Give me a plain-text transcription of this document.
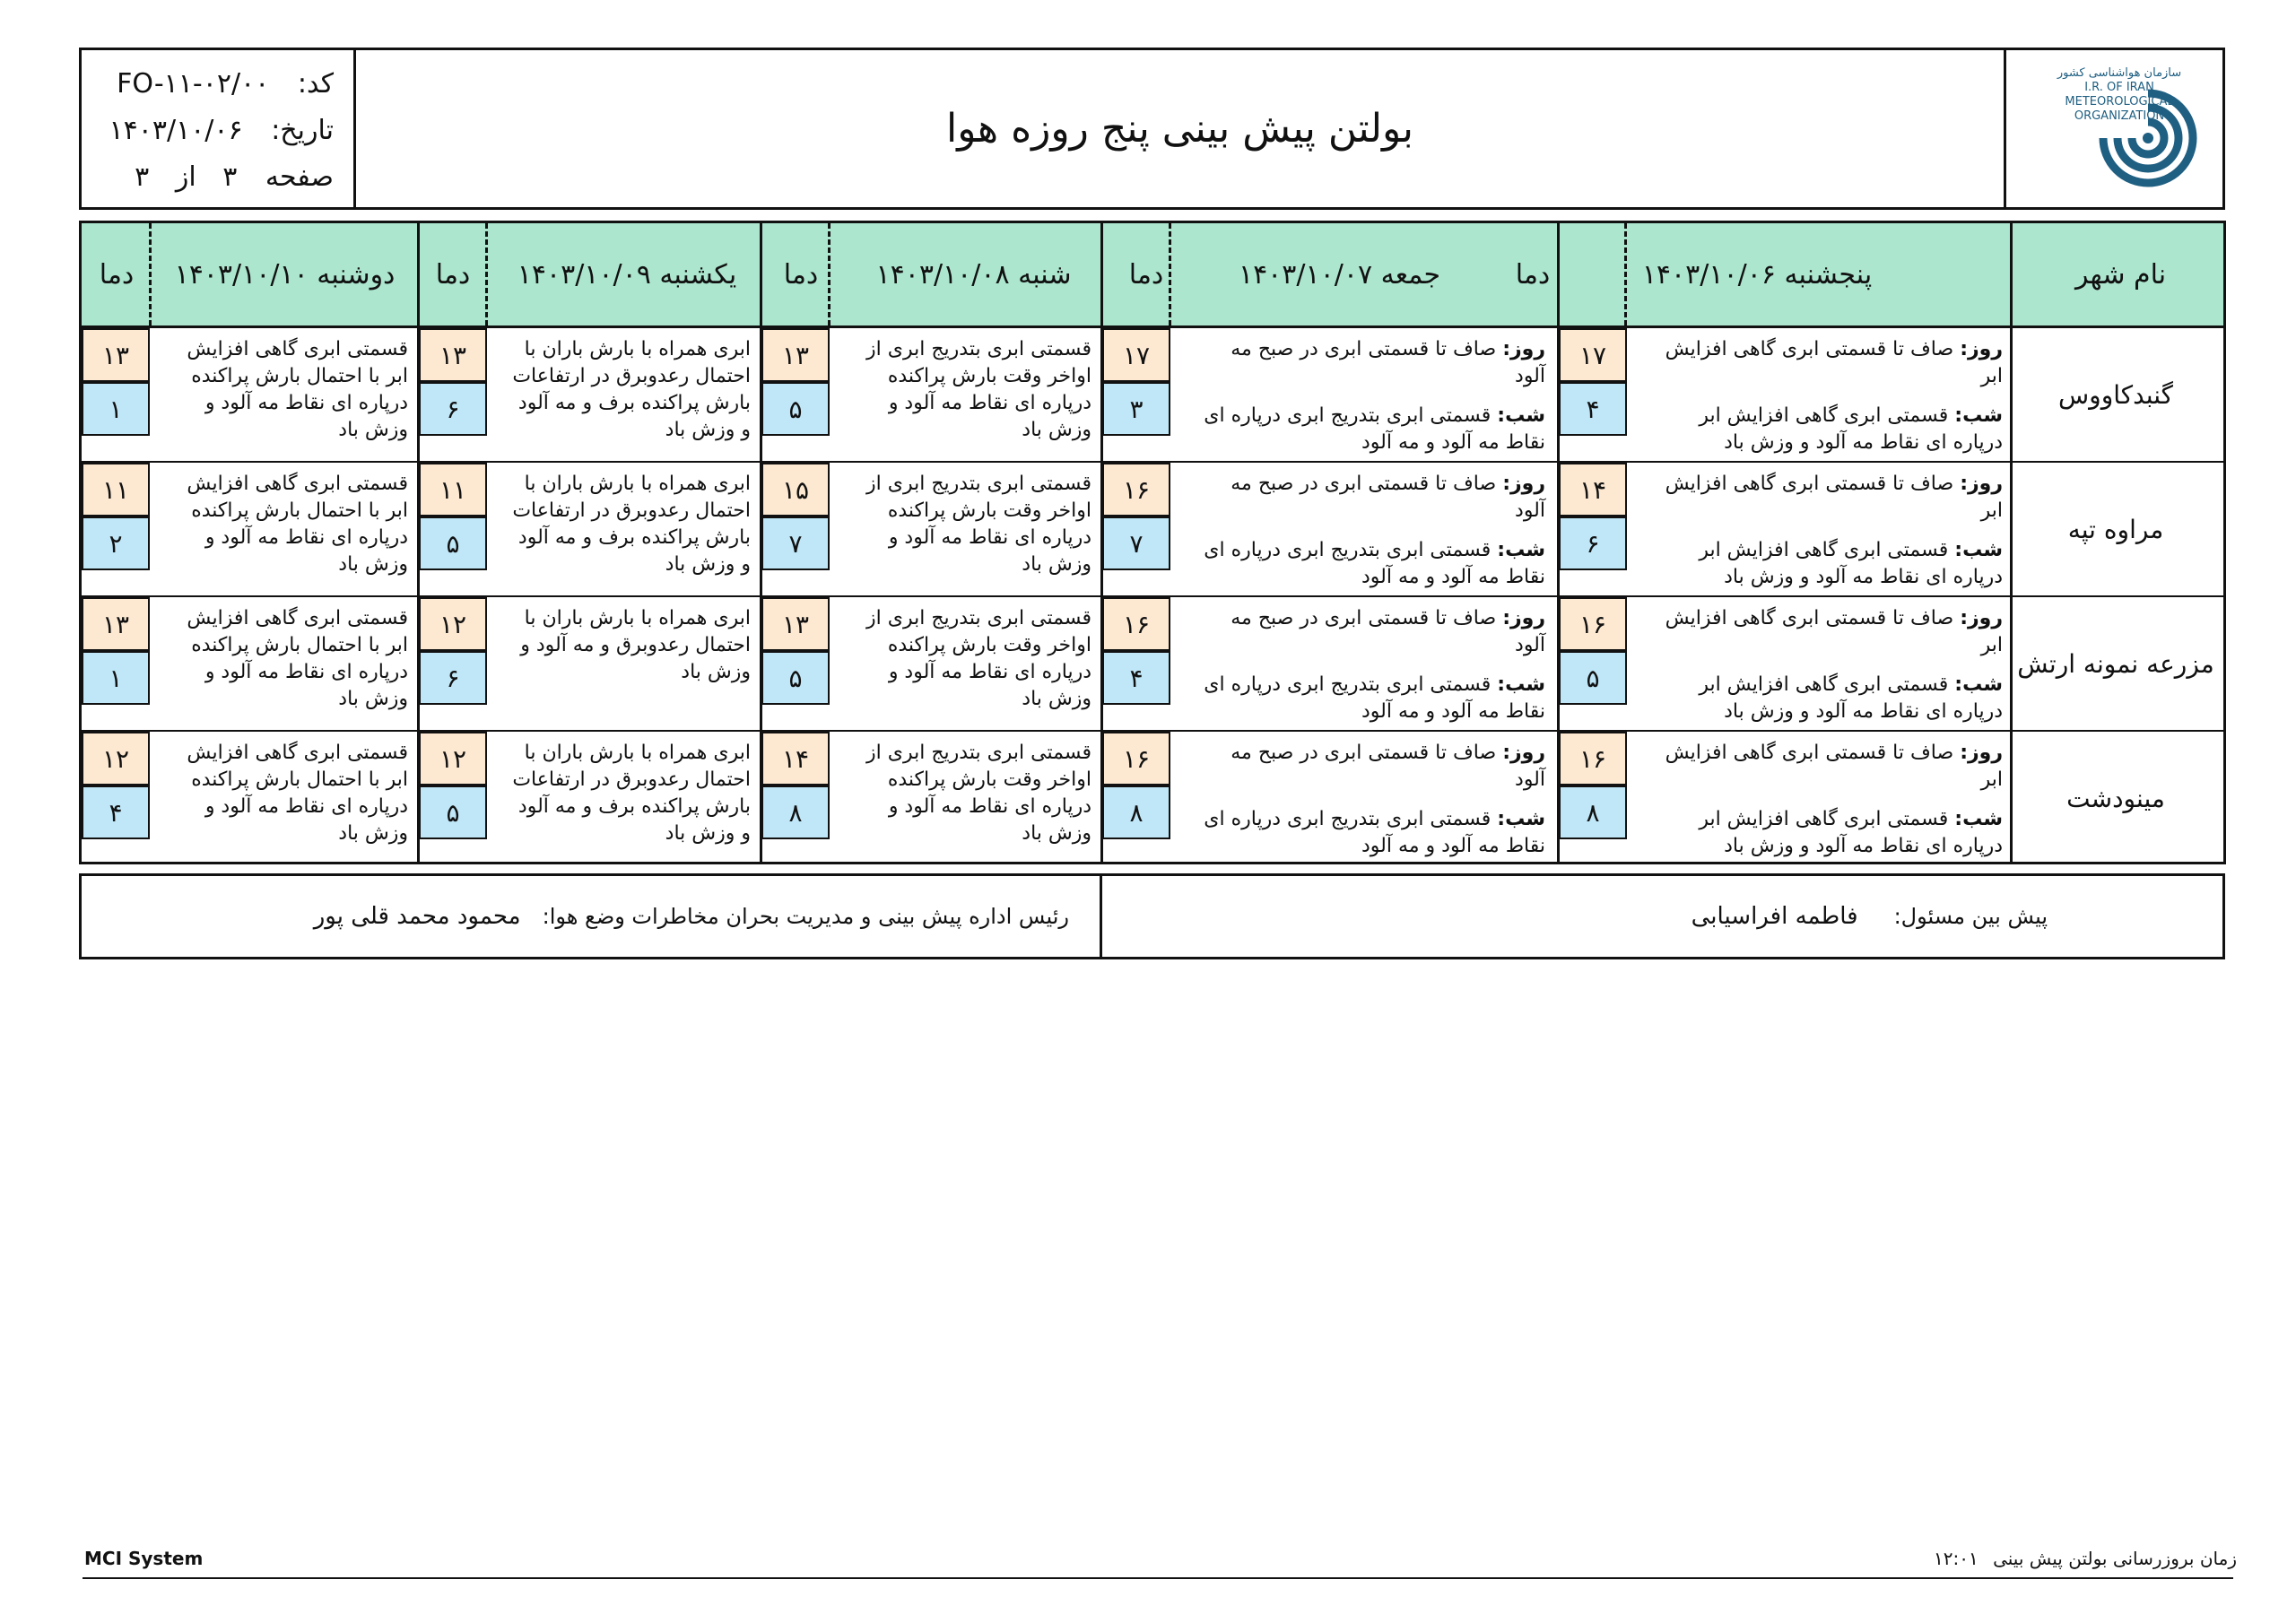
کد: FO-۱۱-۰۲/۰۰
تاریخ: ۱۴۰۳/۱۰/۰۶
صفحه ۳ از ۳
بولتن پیش بینی پنج روزه هوا
سازمان هواشناسی کشور
I.R. OF IRAN
METEOROLOGICAL
ORGANIZATION
نام شهر
پنجشنبه ۱۴۰۳/۱۰/۰۶
دما
جمعه ۱۴۰۳/۱۰/۰۷
دما
شنبه ۱۴۰۳/۱۰/۰۸
دما
یکشنبه ۱۴۰۳/۱۰/۰۹
دما
دوشنبه ۱۴۰۳/۱۰/۱۰
دما
گنبدکاووس
روز: صاف تا قسمتی ابری گاهی افزایش ابر
شب: قسمتی ابری گاهی افزایش ابر درپاره ای نقاط مه آلود و وزش باد
۱۷
۴
روز: صاف تا قسمتی ابری در صبح مه آلود
شب: قسمتی ابری بتدریج ابری درپاره ای نقاط مه آلود و مه آلود
۱۷
۳
قسمتی ابری بتدریج ابری از اواخر وقت بارش پراکنده درپاره ای نقاط مه آلود و وزش باد
۱۳
۵
ابری همراه با بارش باران با احتمال رعدوبرق در ارتفاعات بارش پراکنده برف و مه آلود و وزش باد
۱۳
۶
قسمتی ابری گاهی افزایش ابر با احتمال بارش پراکنده درپاره ای نقاط مه آلود و وزش باد
۱۳
۱
مراوه تپه
روز: صاف تا قسمتی ابری گاهی افزایش ابر
شب: قسمتی ابری گاهی افزایش ابر درپاره ای نقاط مه آلود و وزش باد
۱۴
۶
روز: صاف تا قسمتی ابری در صبح مه آلود
شب: قسمتی ابری بتدریج ابری درپاره ای نقاط مه آلود و مه آلود
۱۶
۷
قسمتی ابری بتدریج ابری از اواخر وقت بارش پراکنده درپاره ای نقاط مه آلود و وزش باد
۱۵
۷
ابری همراه با بارش باران با احتمال رعدوبرق در ارتفاعات بارش پراکنده برف و مه آلود و وزش باد
۱۱
۵
قسمتی ابری گاهی افزایش ابر با احتمال بارش پراکنده درپاره ای نقاط مه آلود و وزش باد
۱۱
۲
مزرعه نمونه ارتش
روز: صاف تا قسمتی ابری گاهی افزایش ابر
شب: قسمتی ابری گاهی افزایش ابر درپاره ای نقاط مه آلود و وزش باد
۱۶
۵
روز: صاف تا قسمتی ابری در صبح مه آلود
شب: قسمتی ابری بتدریج ابری درپاره ای نقاط مه آلود و مه آلود
۱۶
۴
قسمتی ابری بتدریج ابری از اواخر وقت بارش پراکنده درپاره ای نقاط مه آلود و وزش باد
۱۳
۵
ابری همراه با بارش باران با احتمال رعدوبرق و مه آلود و وزش باد
۱۲
۶
قسمتی ابری گاهی افزایش ابر با احتمال بارش پراکنده درپاره ای نقاط مه آلود و وزش باد
۱۳
۱
مینودشت
روز: صاف تا قسمتی ابری گاهی افزایش ابر
شب: قسمتی ابری گاهی افزایش ابر درپاره ای نقاط مه آلود و وزش باد
۱۶
۸
روز: صاف تا قسمتی ابری در صبح مه آلود
شب: قسمتی ابری بتدریج ابری درپاره ای نقاط مه آلود و مه آلود
۱۶
۸
قسمتی ابری بتدریج ابری از اواخر وقت بارش پراکنده درپاره ای نقاط مه آلود و وزش باد
۱۴
۸
ابری همراه با بارش باران با احتمال رعدوبرق در ارتفاعات بارش پراکنده برف و مه آلود و وزش باد
۱۲
۵
قسمتی ابری گاهی افزایش ابر با احتمال بارش پراکنده درپاره ای نقاط مه آلود و وزش باد
۱۲
۴
پیش بین مسئول:
فاطمه افراسیابی
رئیس اداره پیش بینی و مدیریت بحران مخاطرات وضع هوا:
محمود محمد قلی پور
MCI System	زمان بروزرسانی بولتن پیش بینی ۱۲:۰۱
